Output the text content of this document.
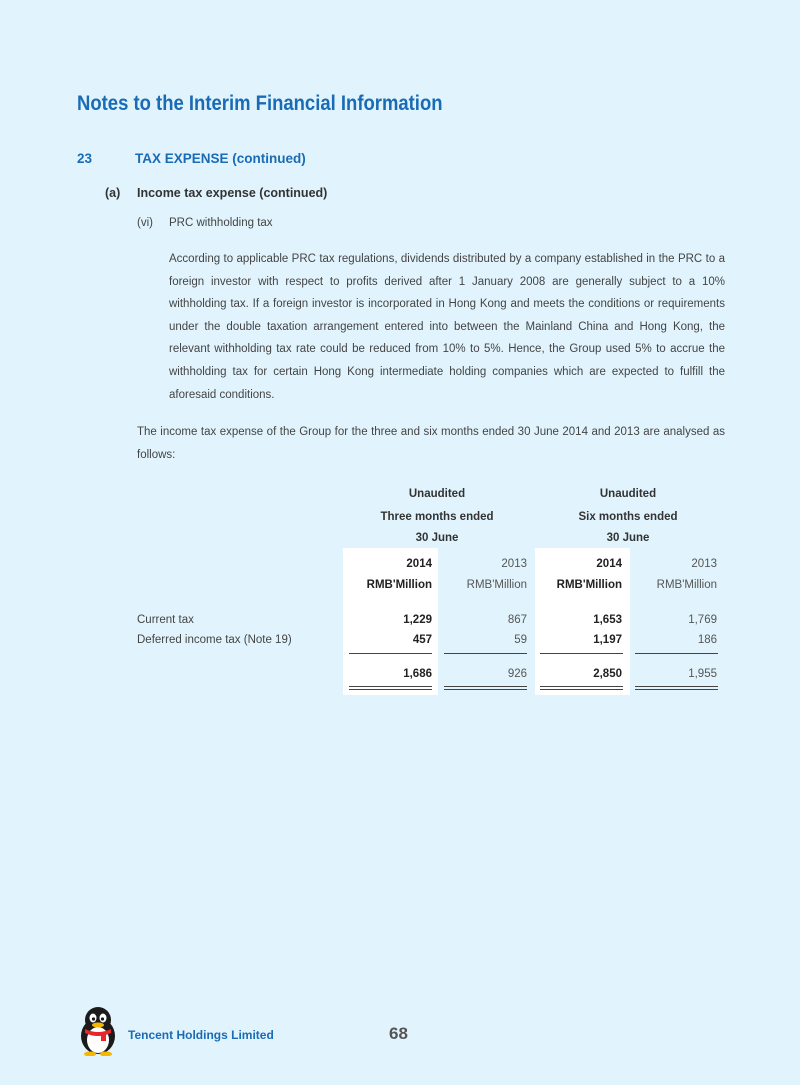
Notes to the Interim Financial Information
23	TAX EXPENSE (continued)
(a) Income tax expense (continued)
(vi) PRC withholding tax
According to applicable PRC tax regulations, dividends distributed by a company established in the PRC to a foreign investor with respect to profits derived after 1 January 2008 are generally subject to a 10% withholding tax. If a foreign investor is incorporated in Hong Kong and meets the conditions or requirements under the double taxation arrangement entered into between the Mainland China and Hong Kong, the relevant withholding tax rate could be reduced from 10% to 5%. Hence, the Group used 5% to accrue the withholding tax for certain Hong Kong intermediate holding companies which are expected to fulfill the aforesaid conditions.
The income tax expense of the Group for the three and six months ended 30 June 2014 and 2013 are analysed as follows:
Unaudited
Three months ended
30 June
Unaudited
Six months ended
30 June
2014	2013	2014	2013
RMB'Million	RMB'Million	RMB'Million	RMB'Million
Current tax	1,229	867	1,653	1,769
Deferred income tax (Note 19)	457	59	1,197	186
1,686	926	2,850	1,955
Tencent Holdings Limited	68
